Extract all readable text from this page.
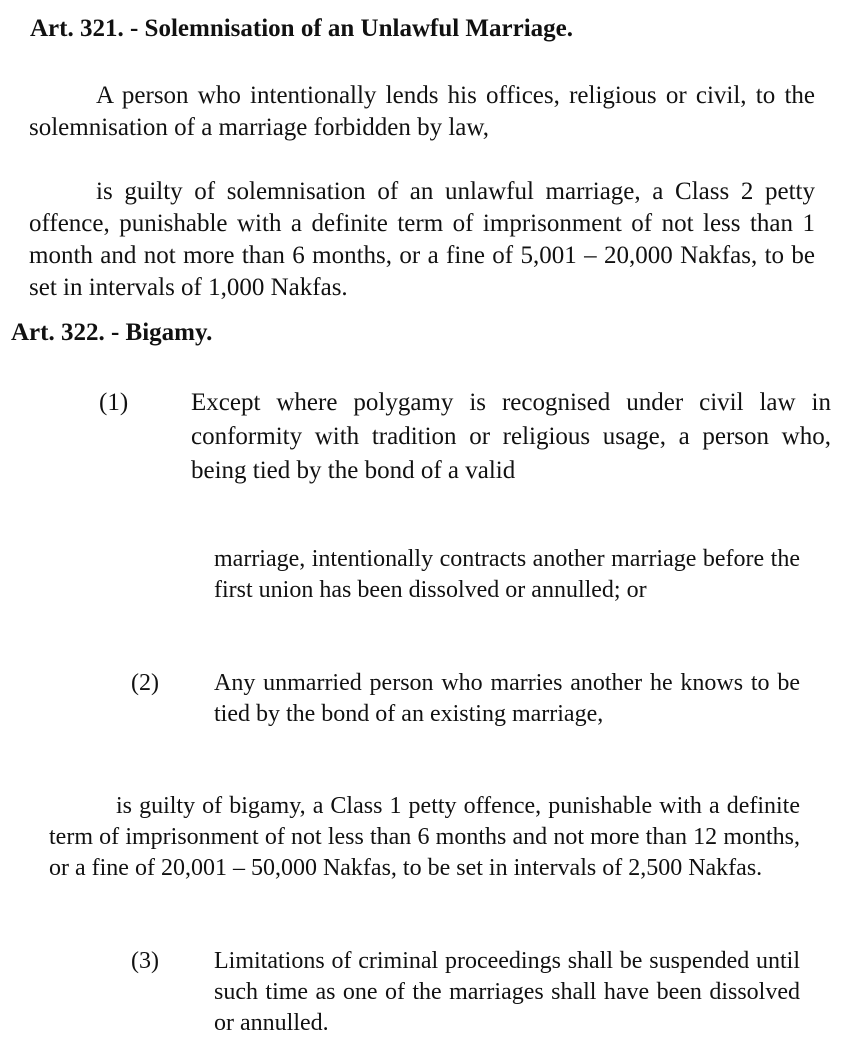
Art. 321. - Solemnisation of an Unlawful Marriage.

A person who intentionally lends his offices, religious or civil, to the solemnisation of a marriage forbidden by law,

is guilty of solemnisation of an unlawful marriage, a Class 2 petty offence, punishable with a definite term of imprisonment of not less than 1 month and not more than 6 months, or a fine of 5,001 – 20,000 Nakfas, to be set in intervals of 1,000 Nakfas.

Art. 322. - Bigamy.
(1)	Except where polygamy is recognised under civil law in conformity with tradition or religious usage, a person who, being tied by the bond of a valid

marriage, intentionally contracts another marriage before the first union has been dissolved or annulled; or

(2) Any unmarried person who marries another he knows to be tied by the bond of an existing marriage,

is guilty of bigamy, a Class 1 petty offence, punishable with a definite term of imprisonment of not less than 6 months and not more than 12 months, or a fine of 20,001 – 50,000 Nakfas, to be set in intervals of 2,500 Nakfas.

(3) Limitations of criminal proceedings shall be suspended until such time as one of the marriages shall have been dissolved or annulled.
